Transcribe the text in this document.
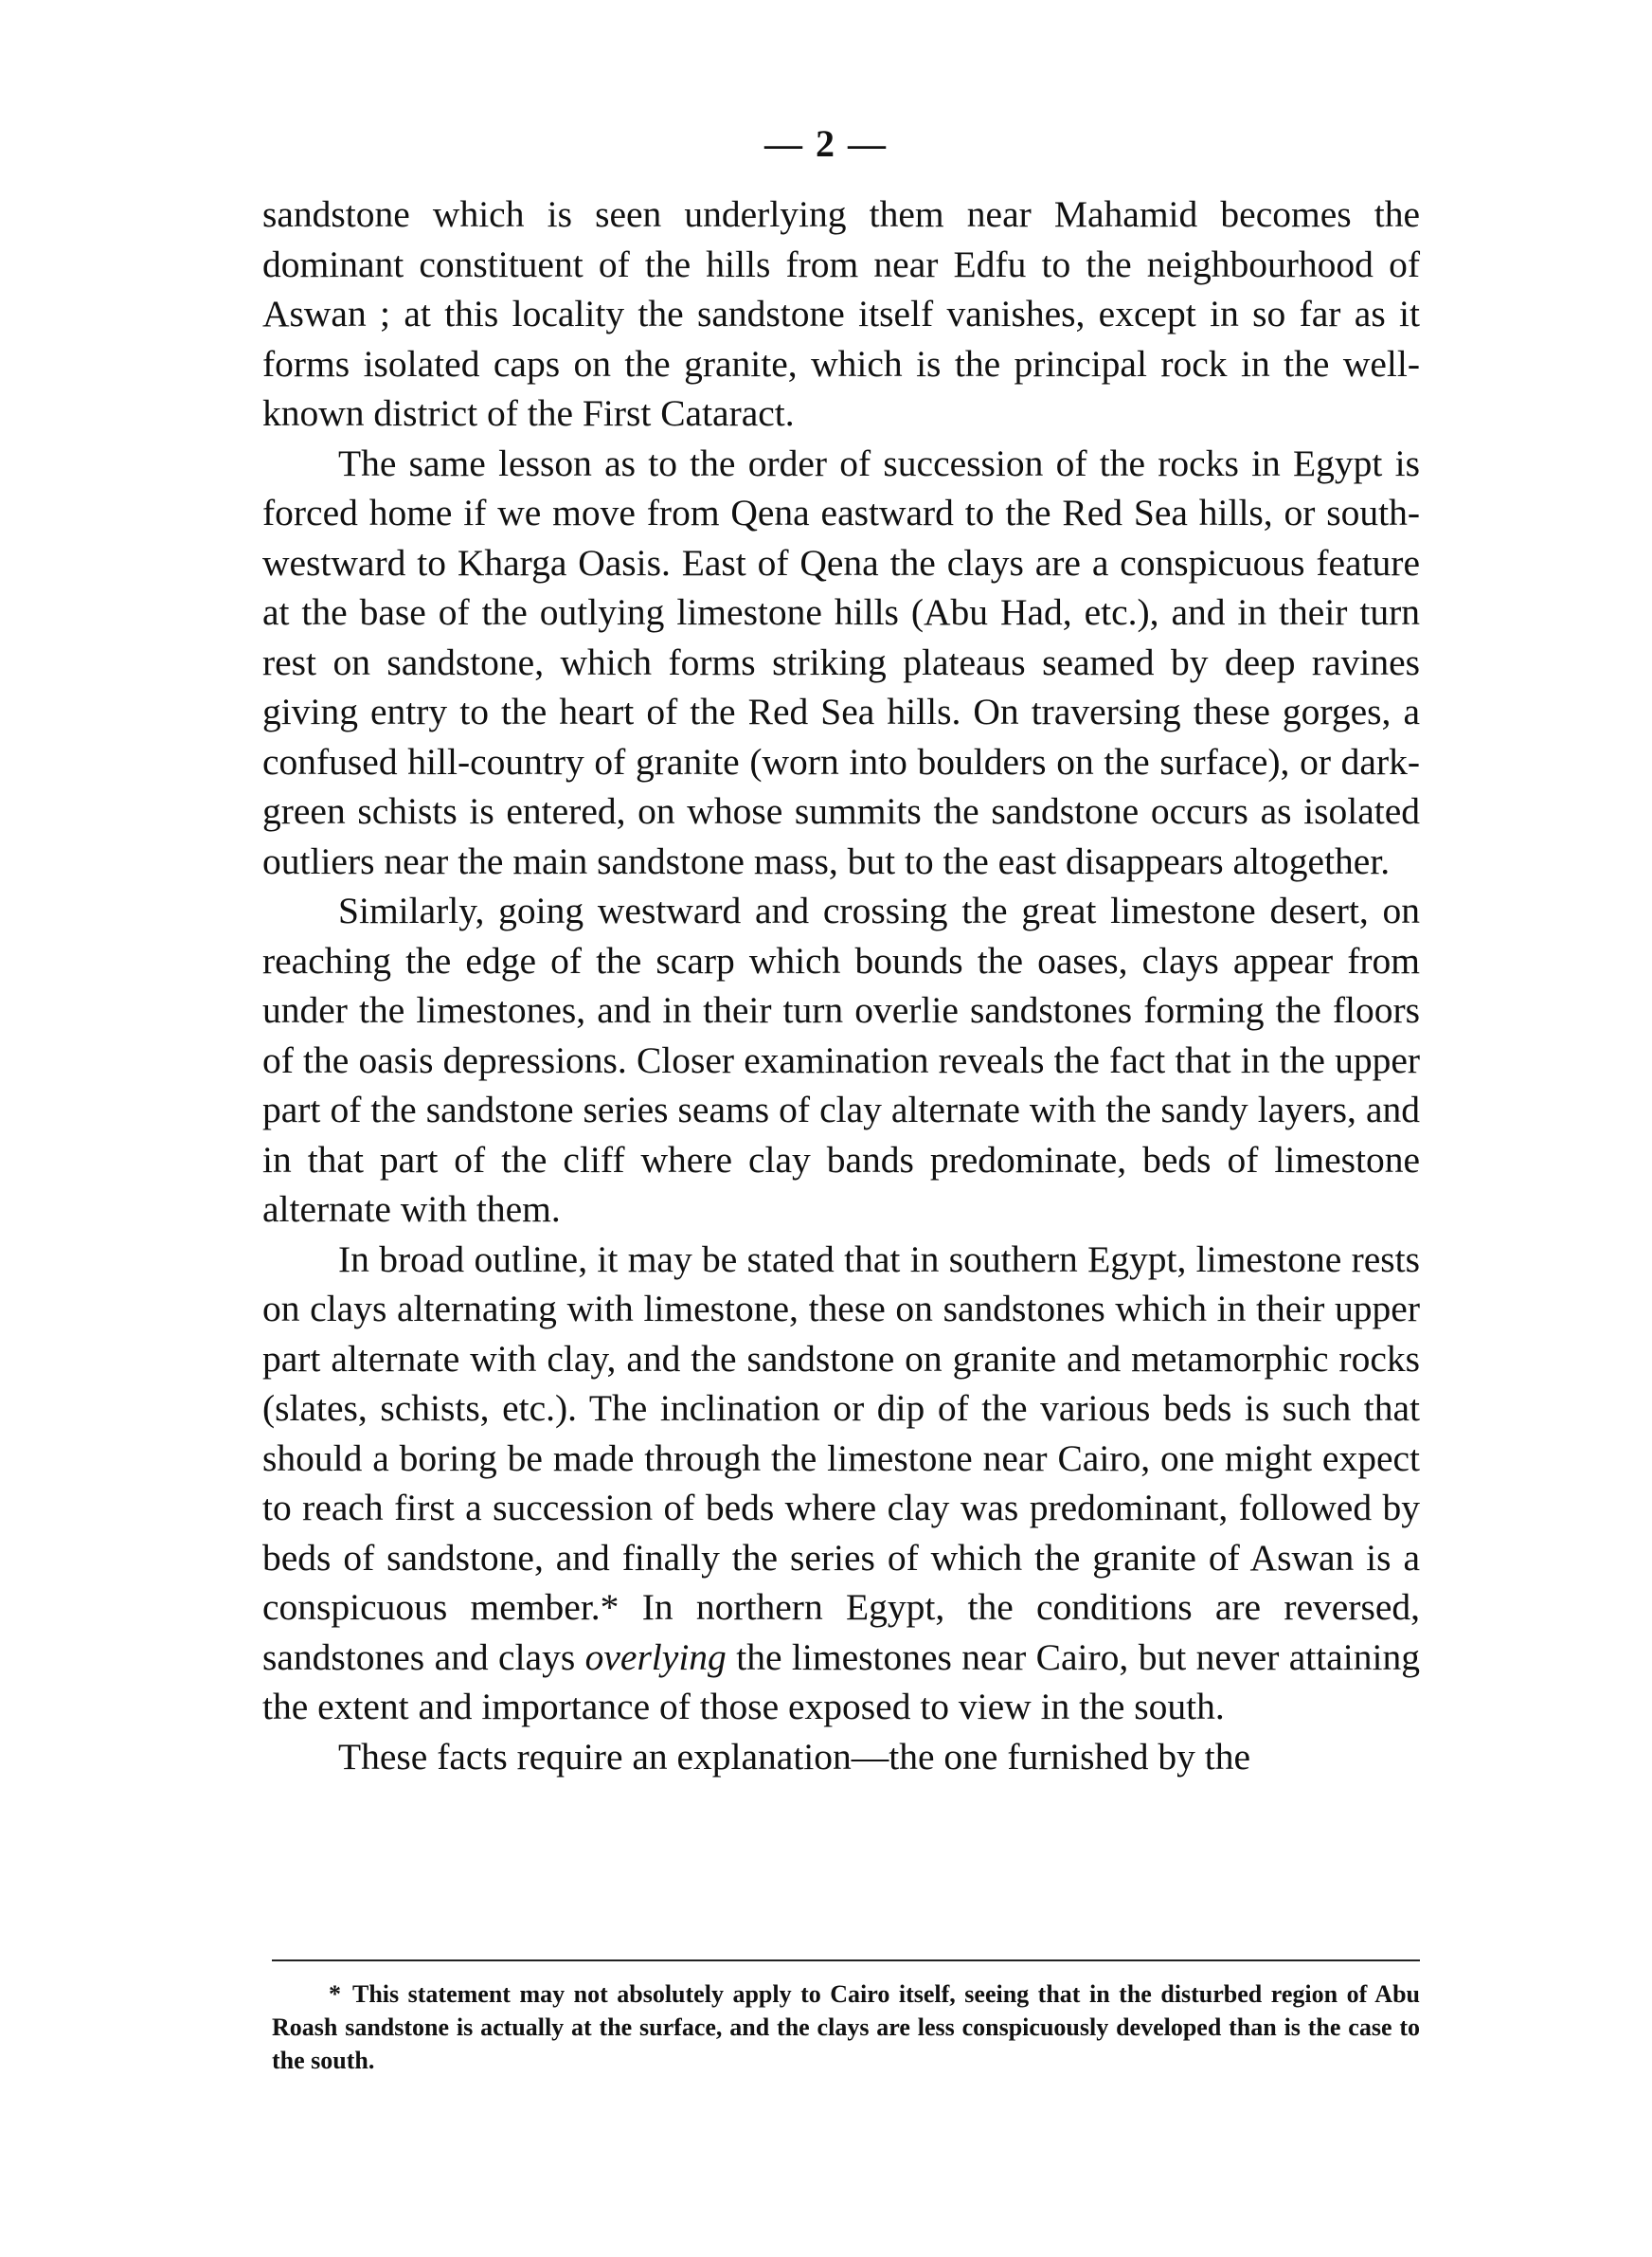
— 2 —

sandstone which is seen underlying them near Mahamid becomes the dominant constituent of the hills from near Edfu to the neighbourhood of Aswan ; at this locality the sandstone itself vanishes, except in so far as it forms isolated caps on the granite, which is the principal rock in the well-known district of the First Cataract.

The same lesson as to the order of succession of the rocks in Egypt is forced home if we move from Qena eastward to the Red Sea hills, or south-westward to Kharga Oasis. East of Qena the clays are a conspicuous feature at the base of the outlying limestone hills (Abu Had, etc.), and in their turn rest on sandstone, which forms striking plateaus seamed by deep ravines giving entry to the heart of the Red Sea hills. On traversing these gorges, a confused hill-country of granite (worn into boulders on the surface), or dark-green schists is entered, on whose summits the sandstone occurs as isolated outliers near the main sandstone mass, but to the east disappears altogether.

Similarly, going westward and crossing the great limestone desert, on reaching the edge of the scarp which bounds the oases, clays appear from under the limestones, and in their turn overlie sandstones forming the floors of the oasis depressions. Closer examination reveals the fact that in the upper part of the sandstone series seams of clay alternate with the sandy layers, and in that part of the cliff where clay bands predominate, beds of limestone alternate with them.

In broad outline, it may be stated that in southern Egypt, limestone rests on clays alternating with limestone, these on sandstones which in their upper part alternate with clay, and the sandstone on granite and metamorphic rocks (slates, schists, etc.). The inclination or dip of the various beds is such that should a boring be made through the limestone near Cairo, one might expect to reach first a succession of beds where clay was predominant, followed by beds of sandstone, and finally the series of which the granite of Aswan is a conspicuous member.* In northern Egypt, the conditions are reversed, sandstones and clays overlying the limestones near Cairo, but never attaining the extent and importance of those exposed to view in the south.

These facts require an explanation—the one furnished by the

* This statement may not absolutely apply to Cairo itself, seeing that in the disturbed region of Abu Roash sandstone is actually at the surface, and the clays are less conspicuously developed than is the case to the south.
